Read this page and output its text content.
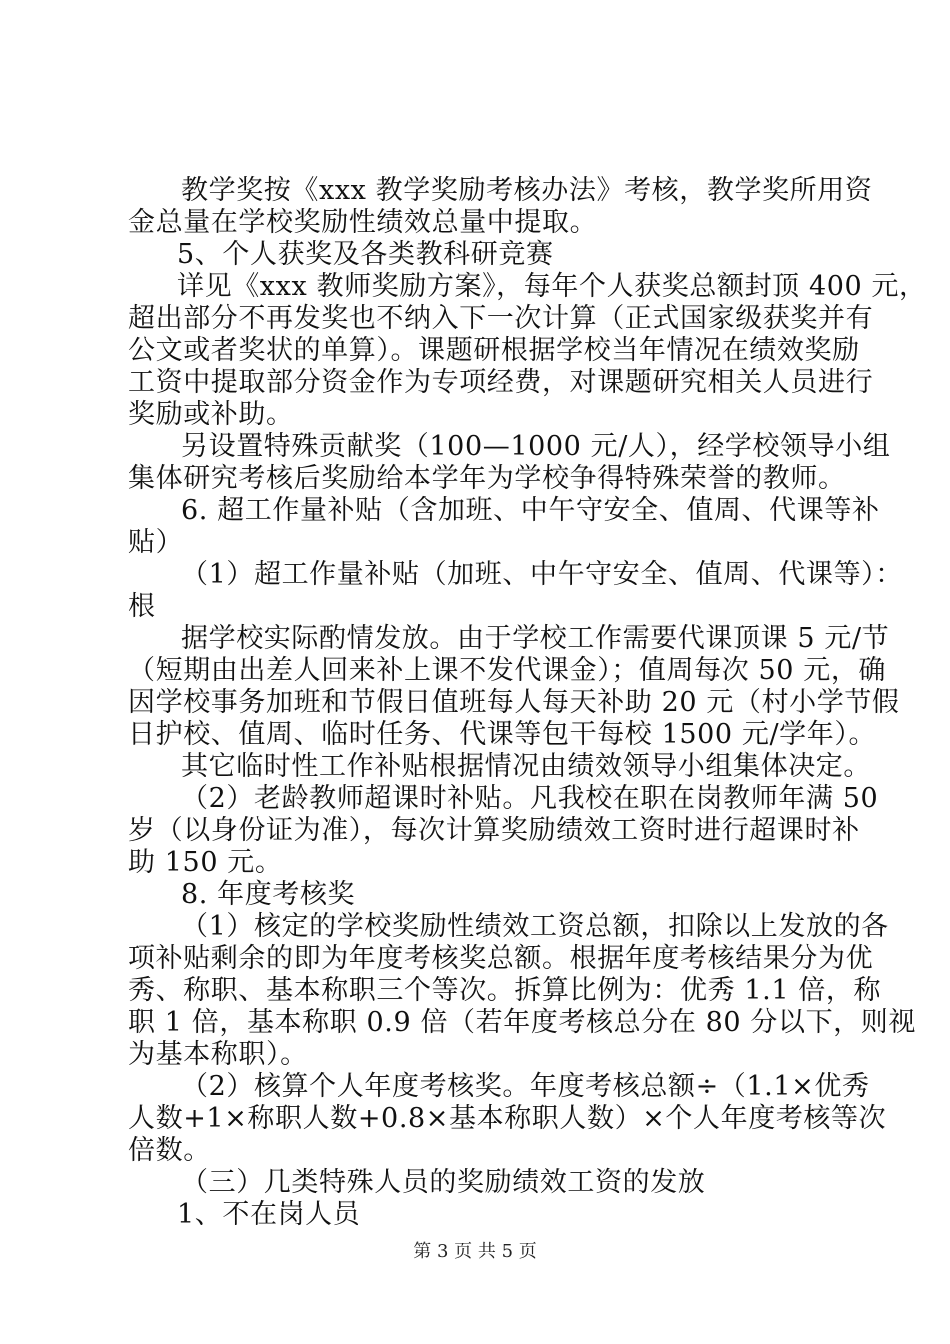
教学奖按《xxx 教学奖励考核办法》考核，教学奖所用资
金总量在学校奖励性绩效总量中提取。
5、个人获奖及各类教科研竞赛
详见《xxx 教师奖励方案》，每年个人获奖总额封顶 400 元，
超出部分不再发奖也不纳入下一次计算（正式国家级获奖并有
公文或者奖状的单算）。课题研根据学校当年情况在绩效奖励
工资中提取部分资金作为专项经费，对课题研究相关人员进行
奖励或补助。
另设置特殊贡献奖（100—1000 元/人），经学校领导小组
集体研究考核后奖励给本学年为学校争得特殊荣誉的教师。
6. 超工作量补贴（含加班、中午守安全、值周、代课等补
贴）
（1）超工作量补贴（加班、中午守安全、值周、代课等）：
根
据学校实际酌情发放。由于学校工作需要代课顶课 5 元/节
（短期由出差人回来补上课不发代课金）；值周每次 50 元，确
因学校事务加班和节假日值班每人每天补助 20 元（村小学节假
日护校、值周、临时任务、代课等包干每校 1500 元/学年）。
其它临时性工作补贴根据情况由绩效领导小组集体决定。
（2）老龄教师超课时补贴。凡我校在职在岗教师年满 50
岁（以身份证为准），每次计算奖励绩效工资时进行超课时补
助 150 元。
8. 年度考核奖
（1）核定的学校奖励性绩效工资总额，扣除以上发放的各
项补贴剩余的即为年度考核奖总额。根据年度考核结果分为优
秀、称职、基本称职三个等次。拆算比例为：优秀 1.1 倍，称
职 1 倍，基本称职 0.9 倍（若年度考核总分在 80 分以下，则视
为基本称职）。
（2）核算个人年度考核奖。年度考核总额÷（1.1×优秀
人数+1×称职人数+0.8×基本称职人数）×个人年度考核等次
倍数。
（三）几类特殊人员的奖励绩效工资的发放
1、不在岗人员
第 3 页 共 5 页
